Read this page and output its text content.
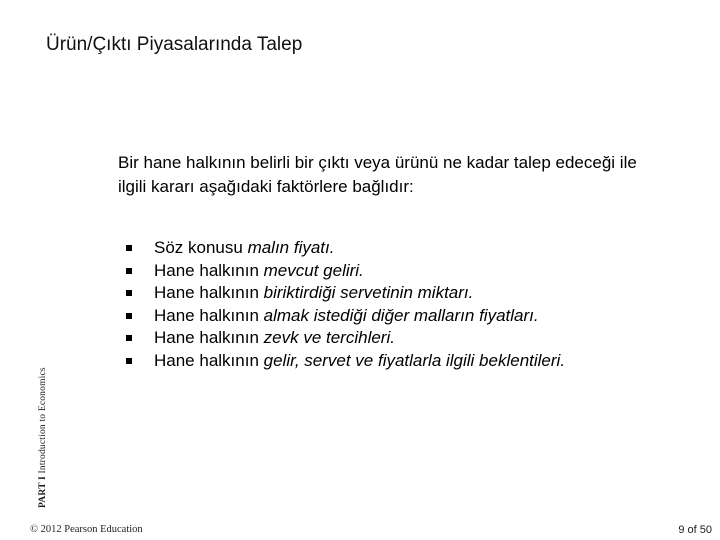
Ürün/Çıktı Piyasalarında Talep
Bir hane halkının belirli bir çıktı veya ürünü ne kadar talep edeceği ile ilgili kararı aşağıdaki faktörlere bağlıdır:
Söz konusu malın fiyatı.
Hane halkının mevcut geliri.
Hane halkının biriktirdiği servetinin miktarı.
Hane halkının almak istediği diğer malların fiyatları.
Hane halkının zevk ve tercihleri.
Hane halkının gelir, servet ve fiyatlarla ilgili beklentileri.
PART I Introduction to Economics
© 2012 Pearson Education	9 of 50
